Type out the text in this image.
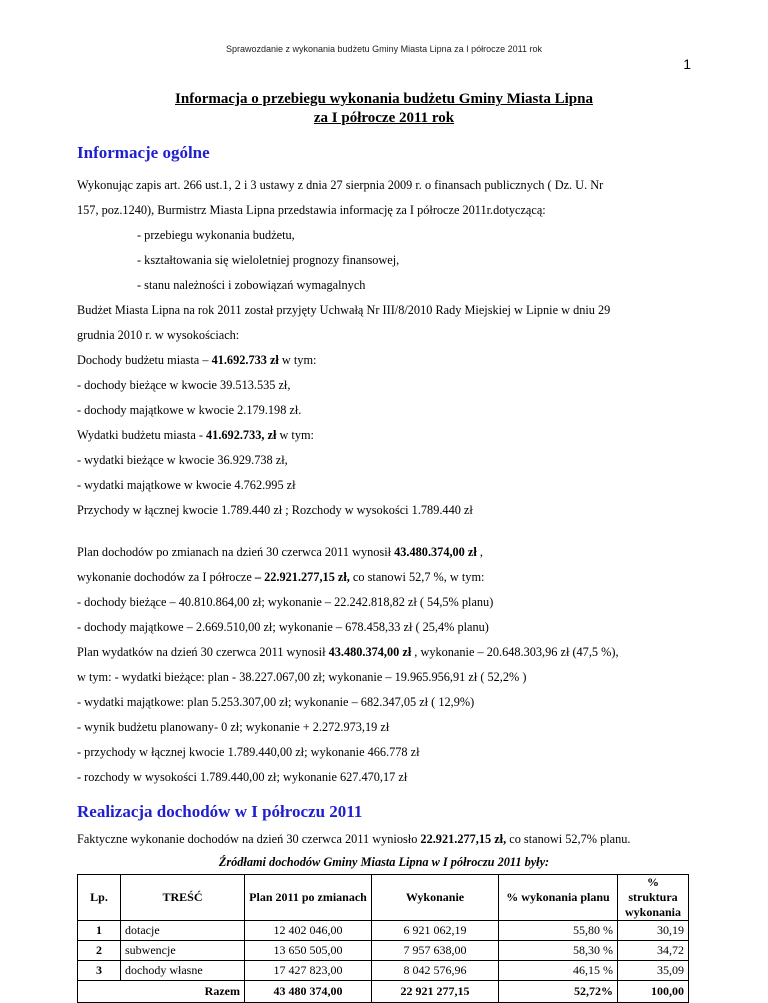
Sprawozdanie z wykonania budżetu Gminy Miasta Lipna za I półrocze 2011 rok
1
Informacja o przebiegu wykonania budżetu Gminy Miasta Lipna
za I półrocze 2011 rok
Informacje ogólne
Wykonując zapis art. 266 ust.1, 2 i 3 ustawy z dnia 27 sierpnia 2009 r. o finansach publicznych ( Dz. U. Nr
157, poz.1240), Burmistrz Miasta Lipna przedstawia informację za I półrocze 2011r.dotyczącą:
- przebiegu wykonania budżetu,
- kształtowania się wieloletniej prognozy finansowej,
- stanu należności i zobowiązań wymagalnych
Budżet Miasta Lipna na rok 2011 został przyjęty Uchwałą Nr III/8/2010 Rady Miejskiej w Lipnie w dniu 29
grudnia 2010 r. w wysokościach:
Dochody budżetu miasta – 41.692.733 zł w tym:
- dochody bieżące w kwocie 39.513.535 zł,
- dochody majątkowe w kwocie 2.179.198 zł.
Wydatki budżetu miasta - 41.692.733, zł w tym:
- wydatki bieżące w kwocie 36.929.738 zł,
- wydatki majątkowe w kwocie 4.762.995 zł
Przychody w łącznej kwocie 1.789.440 zł ; Rozchody w wysokości 1.789.440 zł
Plan dochodów po zmianach na dzień 30 czerwca 2011 wynosił 43.480.374,00 zł ,
wykonanie dochodów za I półrocze – 22.921.277,15 zł, co stanowi 52,7 %, w tym:
- dochody bieżące – 40.810.864,00 zł; wykonanie – 22.242.818,82 zł ( 54,5% planu)
- dochody majątkowe – 2.669.510,00 zł; wykonanie – 678.458,33 zł ( 25,4% planu)
Plan wydatków na dzień 30 czerwca 2011 wynosił 43.480.374,00 zł , wykonanie – 20.648.303,96 zł (47,5 %),
w tym: - wydatki bieżące: plan - 38.227.067,00 zł; wykonanie – 19.965.956,91 zł ( 52,2% )
- wydatki majątkowe: plan 5.253.307,00 zł; wykonanie – 682.347,05 zł ( 12,9%)
- wynik budżetu planowany- 0 zł; wykonanie + 2.272.973,19 zł
- przychody w łącznej kwocie 1.789.440,00 zł; wykonanie 466.778 zł
- rozchody w wysokości 1.789.440,00 zł; wykonanie 627.470,17 zł
Realizacja dochodów w I półroczu 2011
Faktyczne wykonanie dochodów na dzień 30 czerwca 2011 wyniosło 22.921.277,15 zł, co stanowi 52,7% planu.
Źródłami dochodów Gminy Miasta Lipna w I półroczu 2011 były:
Lp.	TREŚĆ	Plan 2011 po zmianach	Wykonanie	% wykonania planu	% struktura wykonania
1	dotacje	12 402 046,00	6 921 062,19	55,80 %	30,19
2	subwencje	13 650 505,00	7 957 638,00	58,30 %	34,72
3	dochody własne	17 427 823,00	8 042 576,96	46,15 %	35,09
Razem		43 480 374,00	22 921 277,15	52,72%	100,00
